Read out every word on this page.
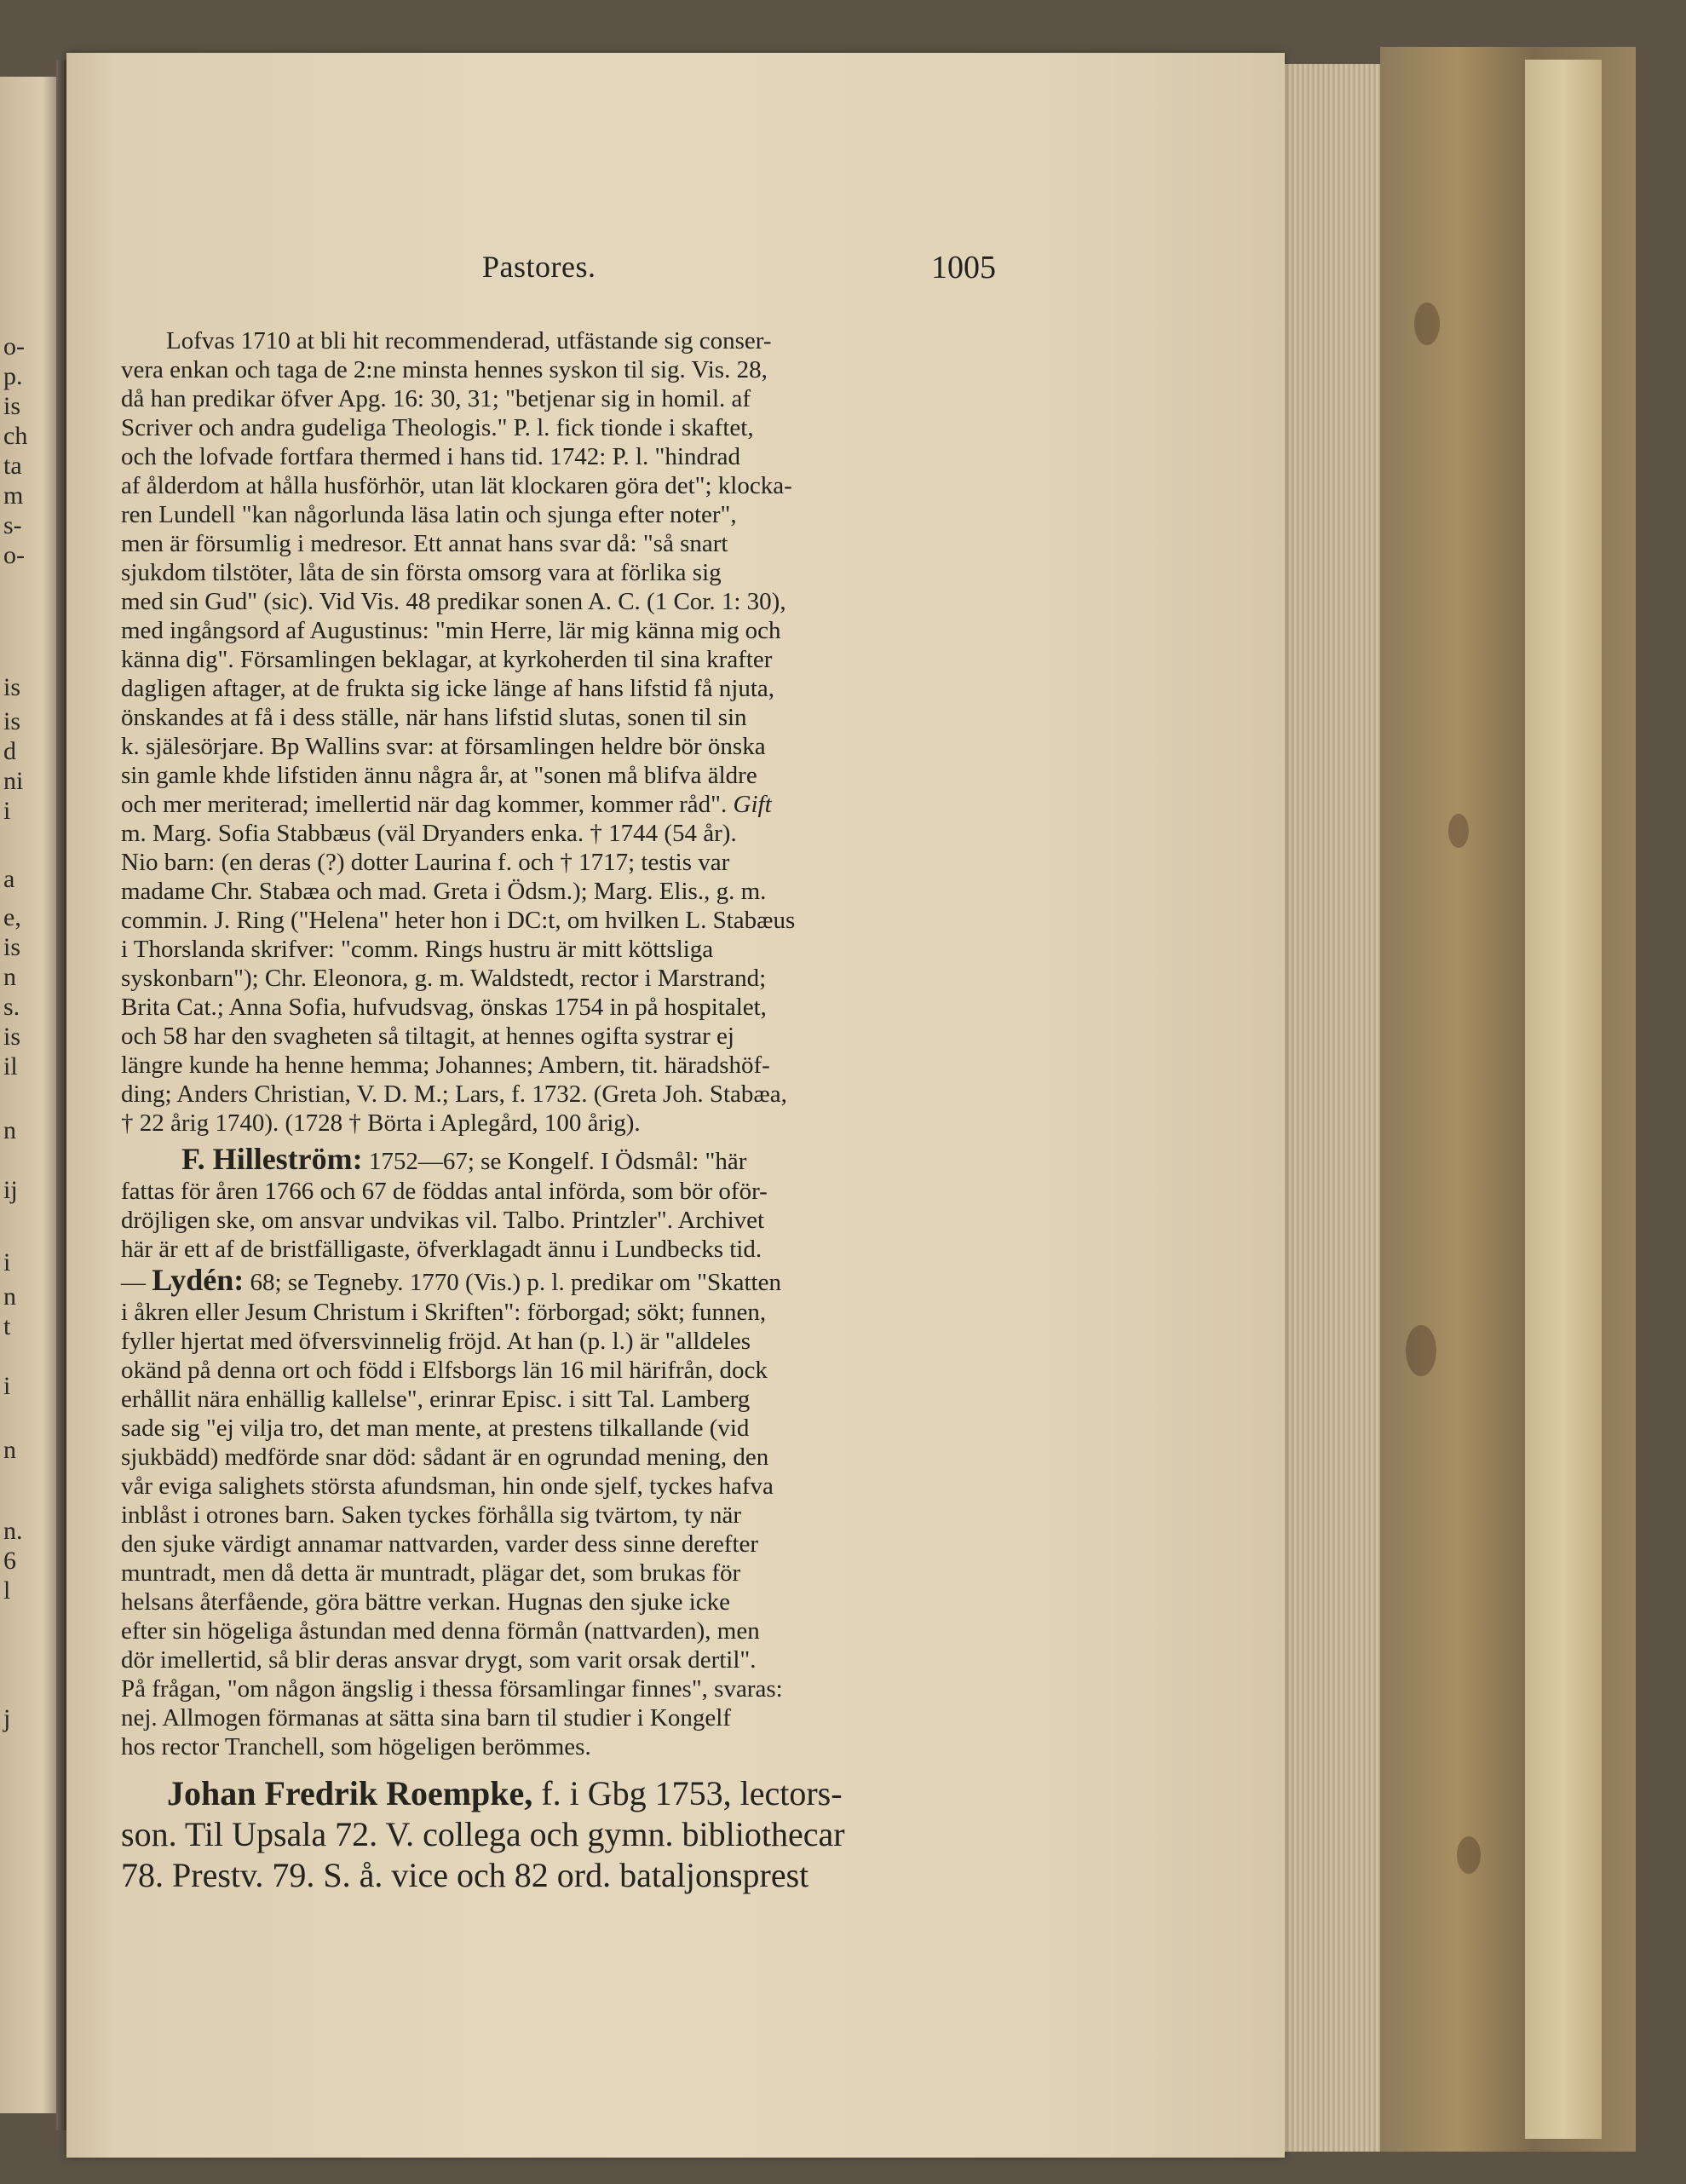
o-
p.
is
ch
ta
m
s-
o-
is
is
d
ni
i
a
e,
is
n
s.
is
il
n
ij
i
n
t
i
n
n.
6
l
j
Pastores.	1005
Lofvas 1710 at bli hit recommenderad, utfästande sig conser-
vera enkan och taga de 2:ne minsta hennes syskon til sig. Vis. 28,
då han predikar öfver Apg. 16: 30, 31; "betjenar sig in homil. af
Scriver och andra gudeliga Theologis." P. l. fick tionde i skaftet,
och the lofvade fortfara thermed i hans tid. 1742: P. l. "hindrad
af ålderdom at hålla husförhör, utan lät klockaren göra det"; klocka-
ren Lundell "kan någorlunda läsa latin och sjunga efter noter",
men är försumlig i medresor. Ett annat hans svar då: "så snart
sjukdom tilstöter, låta de sin första omsorg vara at förlika sig
med sin Gud" (sic). Vid Vis. 48 predikar sonen A. C. (1 Cor. 1: 30),
med ingångsord af Augustinus: "min Herre, lär mig känna mig och
känna dig". Församlingen beklagar, at kyrkoherden til sina krafter
dagligen aftager, at de frukta sig icke länge af hans lifstid få njuta,
önskandes at få i dess ställe, när hans lifstid slutas, sonen til sin
k. själesörjare. Bp Wallins svar: at församlingen heldre bör önska
sin gamle khde lifstiden ännu några år, at "sonen må blifva äldre
och mer meriterad; imellertid när dag kommer, kommer råd". Gift
m. Marg. Sofia Stabbæus (väl Dryanders enka. † 1744 (54 år).
Nio barn: (en deras (?) dotter Laurina f. och † 1717; testis var
madame Chr. Stabæa och mad. Greta i Ödsm.); Marg. Elis., g. m.
commin. J. Ring ("Helena" heter hon i DC:t, om hvilken L. Stabæus
i Thorslanda skrifver: "comm. Rings hustru är mitt köttsliga
syskonbarn"); Chr. Eleonora, g. m. Waldstedt, rector i Marstrand;
Brita Cat.; Anna Sofia, hufvudsvag, önskas 1754 in på hospitalet,
och 58 har den svagheten så tiltagit, at hennes ogifta systrar ej
längre kunde ha henne hemma; Johannes; Ambern, tit. häradshöf-
ding; Anders Christian, V. D. M.; Lars, f. 1732. (Greta Joh. Stabæa,
† 22 årig 1740). (1728 † Börta i Aplegård, 100 årig).
F. Hilleström: 1752—67; se Kongelf. I Ödsmål: "här
fattas för åren 1766 och 67 de föddas antal införda, som bör oför-
dröjligen ske, om ansvar undvikas vil. Talbo. Printzler". Archivet
här är ett af de bristfälligaste, öfverklagadt ännu i Lundbecks tid.
— Lydén: 68; se Tegneby. 1770 (Vis.) p. l. predikar om "Skatten
i åkren eller Jesum Christum i Skriften": förborgad; sökt; funnen,
fyller hjertat med öfversvinnelig fröjd. At han (p. l.) är "alldeles
okänd på denna ort och född i Elfsborgs län 16 mil härifrån, dock
erhållit nära enhällig kallelse", erinrar Episc. i sitt Tal. Lamberg
sade sig "ej vilja tro, det man mente, at prestens tilkallande (vid
sjukbädd) medförde snar död: sådant är en ogrundad mening, den
vår eviga salighets största afundsman, hin onde sjelf, tyckes hafva
inblåst i otrones barn. Saken tyckes förhålla sig tvärtom, ty när
den sjuke värdigt annamar nattvarden, varder dess sinne derefter
muntradt, men då detta är muntradt, plägar det, som brukas för
helsans återfående, göra bättre verkan. Hugnas den sjuke icke
efter sin högeliga åstundan med denna förmån (nattvarden), men
dör imellertid, så blir deras ansvar drygt, som varit orsak dertil".
På frågan, "om någon ängslig i thessa församlingar finnes", svaras:
nej. Allmogen förmanas at sätta sina barn til studier i Kongelf
hos rector Tranchell, som högeligen berömmes.
Johan Fredrik Roempke, f. i Gbg 1753, lectors-
son. Til Upsala 72. V. collega och gymn. bibliothecar
78. Prestv. 79. S. å. vice och 82 ord. bataljonsprest
